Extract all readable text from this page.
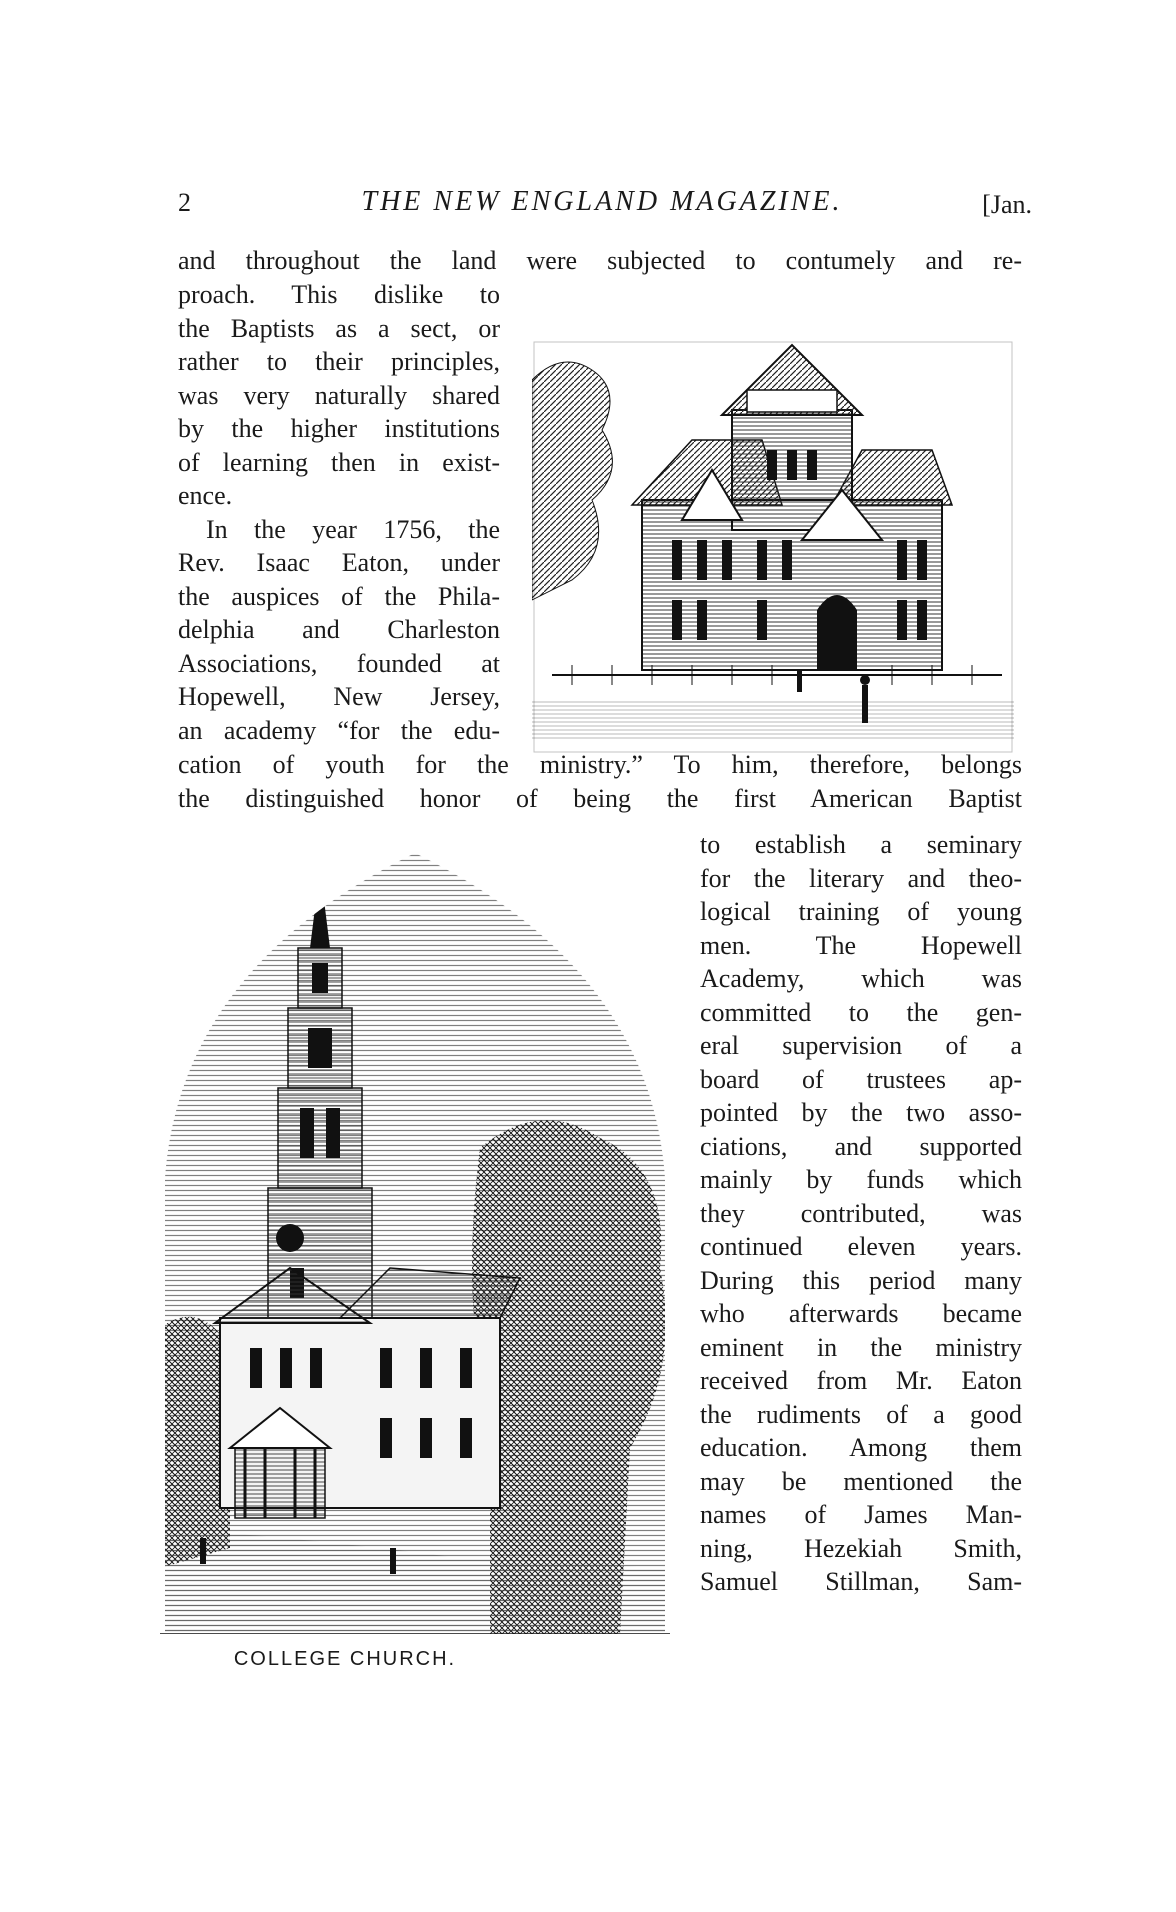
2	THE NEW ENGLAND MAGAZINE.	[Jan.
and throughout the land were subjected to contumely and re-
proach. This dislike to
the Baptists as a sect, or
rather to their principles,
was very naturally shared
by the higher institutions
of learning then in exist-
ence.
In the year 1756, the
Rev. Isaac Eaton, under
the auspices of the Phila-
delphia and Charleston
Associations, founded at
Hopewell, New Jersey,
an academy “for the edu-
cation of youth for the ministry.” To him, therefore, belongs
the distinguished honor of being the first American Baptist
to establish a seminary
for the literary and theo-
logical training of young
men. The Hopewell
Academy, which was
committed to the gen-
eral supervision of a
board of trustees ap-
pointed by the two asso-
ciations, and supported
mainly by funds which
they contributed, was
continued eleven years.
During this period many
who afterwards became
eminent in the ministry
received from Mr. Eaton
the rudiments of a good
education. Among them
may be mentioned the
names of James Man-
ning, Hezekiah Smith,
Samuel Stillman, Sam-
COLLEGE CHURCH.
